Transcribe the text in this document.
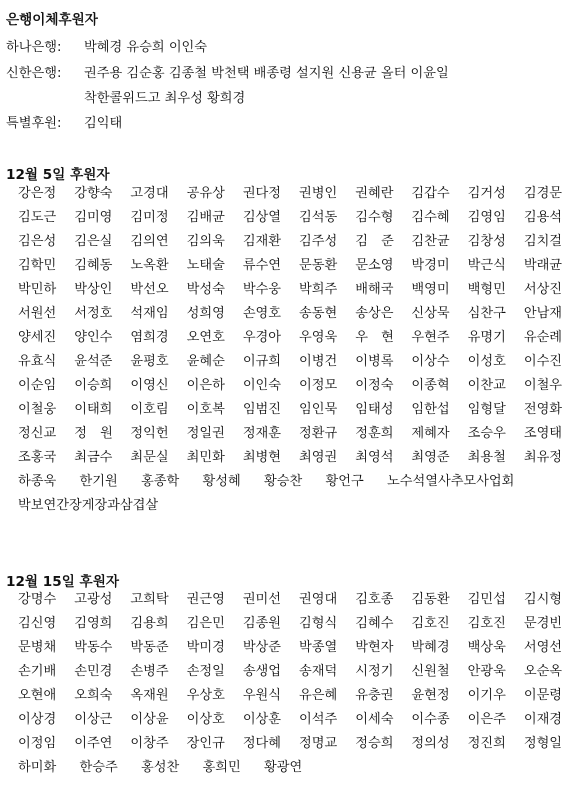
은행이체후원자
하나은행: 박혜경 유승희 이인숙
신한은행: 권주용 김순홍 김종철 박천택 배종령 설지원 신용균 올터 이윤일
착한콜위드고 최우성 황희경
특별후원: 김익태
12월 5일 후원자
강은정	강향숙	고경대	공유상	권다정	권병인	권혜란	김갑수	김거성	김경문
김도근	김미영	김미정	김배균	김상열	김석동	김수형	김수혜	김영임	김용석
김은성	김은실	김의연	김의욱	김재환	김주성	김　준	김찬균	김창성	김치걸
김학민	김혜동	노옥환	노태술	류수연	문동환	문소영	박경미	박근식	박래균
박민하	박상인	박선오	박성숙	박수웅	박희주	배해국	백영미	백형민	서상진
서원선	서정호	석재임	성희영	손영호	송동현	송상은	신상묵	심찬구	안남재
양세진	양인수	염희경	오연호	우경아	우영욱	우　현	우현주	유명기	유순례
유효식	윤석준	윤평호	윤혜순	이규희	이병건	이병록	이상수	이성호	이수진
이순임	이승희	이영신	이은하	이인숙	이정모	이정숙	이종혁	이찬교	이철우
이철웅	이태희	이호림	이호복	임범진	임인묵	임태성	임한섭	임형달	전영화
정신교	정　원	정익헌	정일권	정재훈	정환규	정훈희	제혜자	조승우	조영태
조홍국	최금수	최문실	최민화	최병현	최영권	최영석	최영준	최용철	최유정
하종욱	한기원	홍종학	황성혜	황승찬	황언구	노수석열사추모사업회
박보연간장게장과삼겹살
12월 15일 후원자
강명수	고광성	고희탁	권근영	권미선	권영대	김호종	김동환	김민섭	김시형
김신영	김영희	김용희	김은민	김종원	김형식	김혜수	김호진	김호진	문경빈
문병채	박동수	박동준	박미경	박상준	박종열	박현자	박혜경	백상욱	서영선
손기배	손민경	손병주	손정일	송생업	송재덕	시정기	신원철	안광욱	오순옥
오현애	오희숙	옥재원	우상호	우원식	유은혜	유충권	윤현정	이기우	이문령
이상경	이상근	이상윤	이상호	이상훈	이석주	이세숙	이수종	이은주	이재경
이정임	이주연	이창주	장인규	정다혜	정명교	정승희	정의성	정진희	정형일
하미화	한승주	홍성찬	홍희민	황광연
